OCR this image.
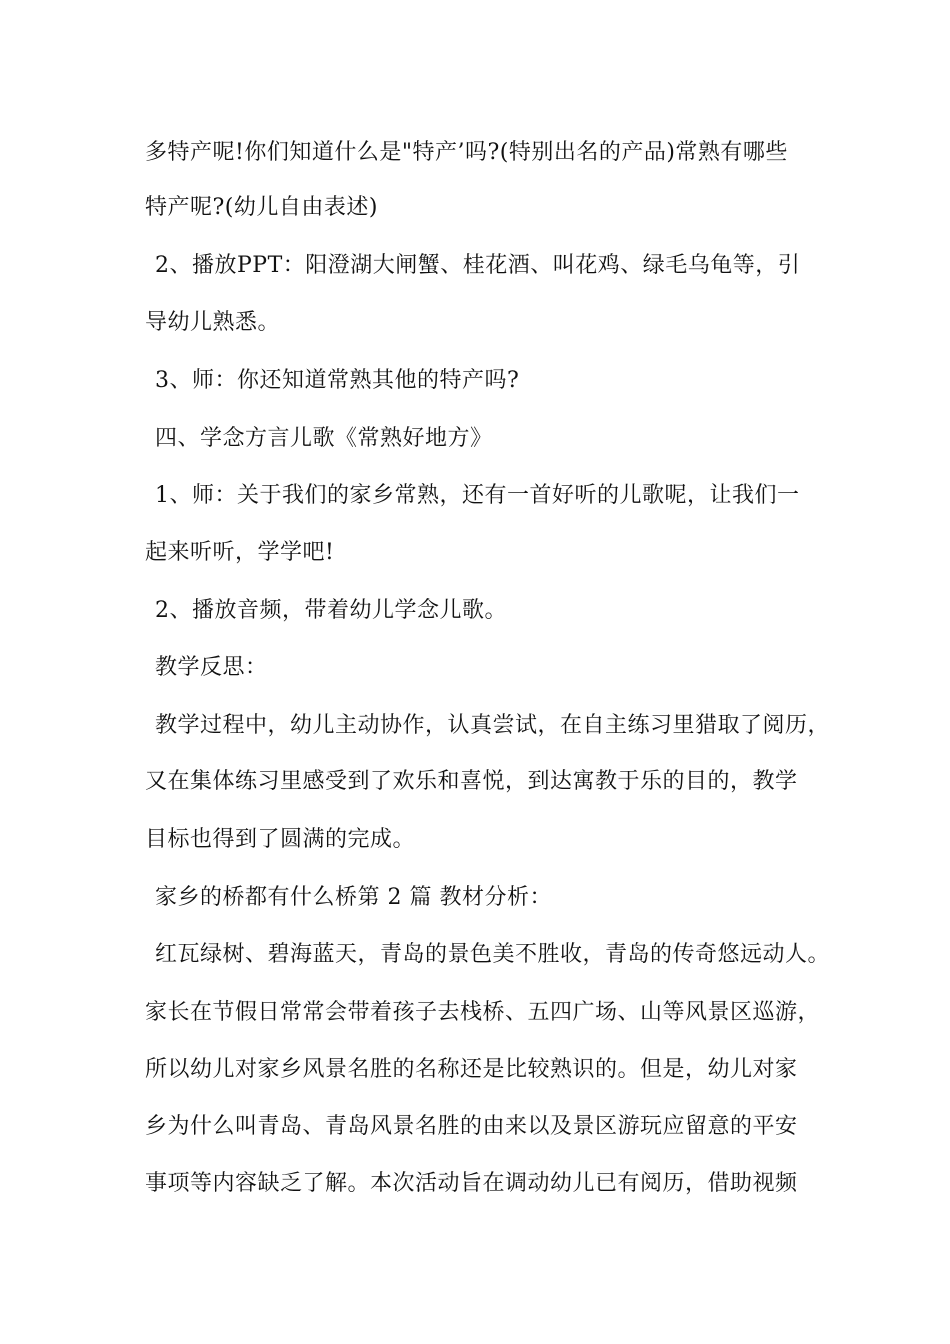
多特产呢!你们知道什么是"特产’吗?(特别出名的产品)常熟有哪些
特产呢?(幼儿自由表述)
2、播放PPT：阳澄湖大闸蟹、桂花酒、叫花鸡、绿毛乌龟等，引
导幼儿熟悉。
3、师：你还知道常熟其他的特产吗?
四、学念方言儿歌《常熟好地方》
1、师：关于我们的家乡常熟，还有一首好听的儿歌呢，让我们一
起来听听，学学吧!
2、播放音频，带着幼儿学念儿歌。
教学反思：
教学过程中，幼儿主动协作，认真尝试，在自主练习里猎取了阅历，
又在集体练习里感受到了欢乐和喜悦，到达寓教于乐的目的，教学
目标也得到了圆满的完成。
家乡的桥都有什么桥第 2 篇 教材分析：
红瓦绿树、碧海蓝天，青岛的景色美不胜收，青岛的传奇悠远动人。
家长在节假日常常会带着孩子去栈桥、五四广场、山等风景区巡游，
所以幼儿对家乡风景名胜的名称还是比较熟识的。但是，幼儿对家
乡为什么叫青岛、青岛风景名胜的由来以及景区游玩应留意的平安
事项等内容缺乏了解。本次活动旨在调动幼儿已有阅历，借助视频
